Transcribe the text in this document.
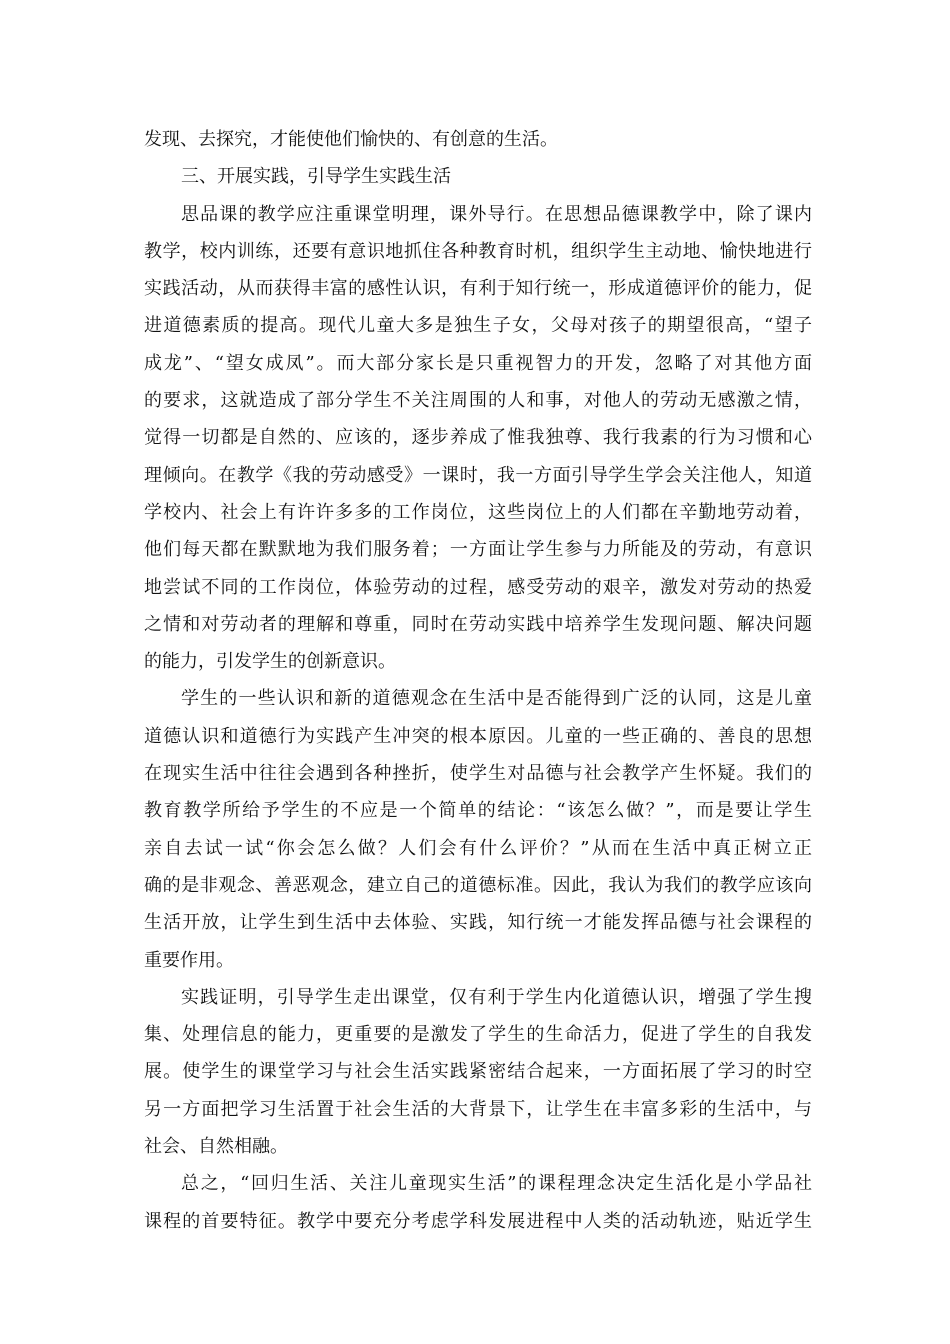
发现、去探究，才能使他们愉快的、有创意的生活。
三、开展实践，引导学生实践生活
思品课的教学应注重课堂明理，课外导行。在思想品德课教学中，除了课内
教学，校内训练，还要有意识地抓住各种教育时机，组织学生主动地、愉快地进行
实践活动，从而获得丰富的感性认识，有利于知行统一，形成道德评价的能力，促
进道德素质的提高。现代儿童大多是独生子女，父母对孩子的期望很高，“望子
成龙”、“望女成凤”。而大部分家长是只重视智力的开发，忽略了对其他方面
的要求，这就造成了部分学生不关注周围的人和事，对他人的劳动无感激之情，
觉得一切都是自然的、应该的，逐步养成了惟我独尊、我行我素的行为习惯和心
理倾向。在教学《我的劳动感受》一课时，我一方面引导学生学会关注他人，知道
学校内、社会上有许许多多的工作岗位，这些岗位上的人们都在辛勤地劳动着，
他们每天都在默默地为我们服务着；一方面让学生参与力所能及的劳动，有意识
地尝试不同的工作岗位，体验劳动的过程，感受劳动的艰辛，激发对劳动的热爱
之情和对劳动者的理解和尊重，同时在劳动实践中培养学生发现问题、解决问题
的能力，引发学生的创新意识。
学生的一些认识和新的道德观念在生活中是否能得到广泛的认同，这是儿童
道德认识和道德行为实践产生冲突的根本原因。儿童的一些正确的、善良的思想
在现实生活中往往会遇到各种挫折，使学生对品德与社会教学产生怀疑。我们的
教育教学所给予学生的不应是一个简单的结论：“该怎么做？”，而是要让学生
亲自去试一试“你会怎么做？人们会有什么评价？”从而在生活中真正树立正
确的是非观念、善恶观念，建立自己的道德标准。因此，我认为我们的教学应该向
生活开放，让学生到生活中去体验、实践，知行统一才能发挥品德与社会课程的
重要作用。
实践证明，引导学生走出课堂，仅有利于学生内化道德认识，增强了学生搜
集、处理信息的能力，更重要的是激发了学生的生命活力，促进了学生的自我发
展。使学生的课堂学习与社会生活实践紧密结合起来，一方面拓展了学习的时空
另一方面把学习生活置于社会生活的大背景下，让学生在丰富多彩的生活中，与
社会、自然相融。
总之，“回归生活、关注儿童现实生活”的课程理念决定生活化是小学品社
课程的首要特征。教学中要充分考虑学科发展进程中人类的活动轨迹，贴近学生
